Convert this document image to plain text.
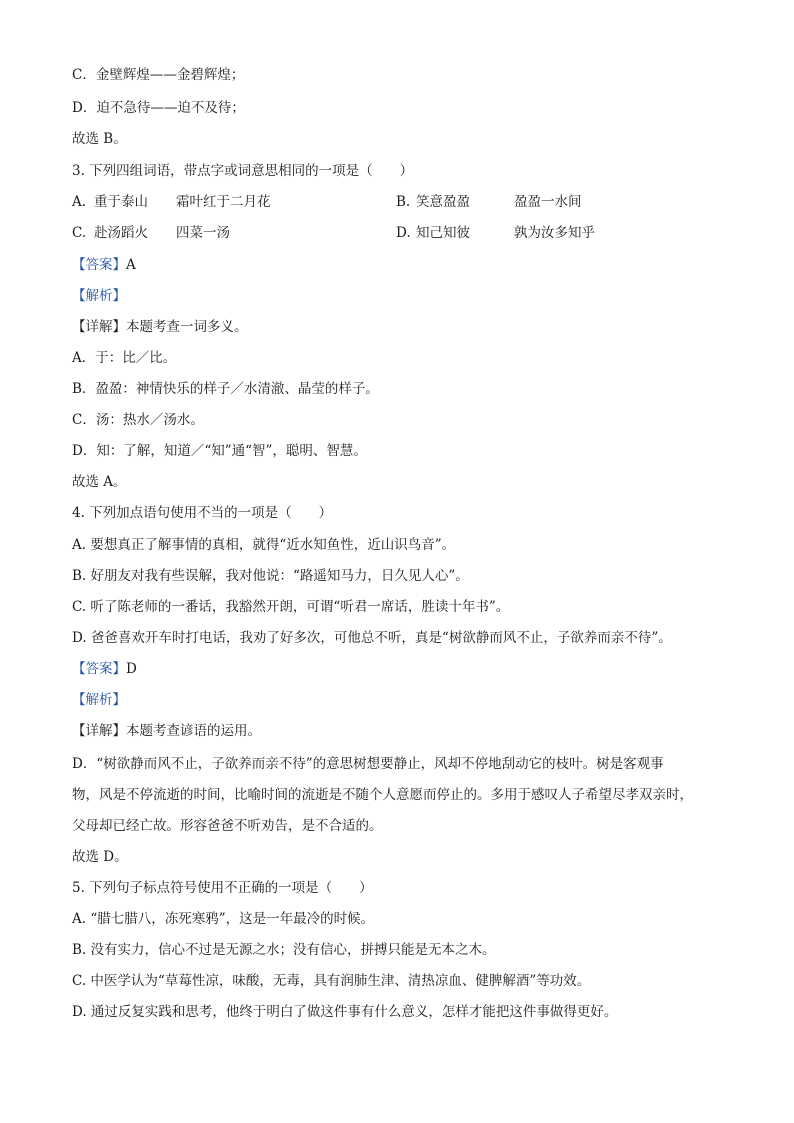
C．金壁辉煌——金碧辉煌；
D．迫不急待——迫不及待；
故选 B。
3. 下列四组词语，带点字或词意思相同的一项是（　　）
A. 重于泰山 霜叶红于二月花	B. 笑意盈盈	盈盈一水间
C. 赴汤蹈火 四菜一汤	D. 知己知彼	孰为汝多知乎
【答案】A
【解析】
【详解】本题考查一词多义。
A．于：比／比。
B．盈盈：神情快乐的样子／水清澈、晶莹的样子。
C．汤：热水／汤水。
D．知：了解，知道／“知”通“智”，聪明、智慧。
故选 A。
4. 下列加点语句使用不当的一项是（　　）
A. 要想真正了解事情的真相，就得“近水知鱼性，近山识鸟音”。
B. 好朋友对我有些误解，我对他说：“路遥知马力，日久见人心”。
C. 听了陈老师的一番话，我豁然开朗，可谓“听君一席话，胜读十年书”。
D. 爸爸喜欢开车时打电话，我劝了好多次，可他总不听，真是“树欲静而风不止，子欲养而亲不待”。
【答案】D
【解析】
【详解】本题考查谚语的运用。
D．“树欲静而风不止，子欲养而亲不待”的意思树想要静止，风却不停地刮动它的枝叶。树是客观事
物，风是不停流逝的时间，比喻时间的流逝是不随个人意愿而停止的。多用于感叹人子希望尽孝双亲时，
父母却已经亡故。形容爸爸不听劝告，是不合适的。
故选 D。
5. 下列句子标点符号使用不正确的一项是（　　）
A. “腊七腊八，冻死寒鸦”，这是一年最冷的时候。
B. 没有实力，信心不过是无源之水；没有信心，拼搏只能是无本之木。
C. 中医学认为“草莓性凉，味酸，无毒，具有润肺生津、清热凉血、健脾解酒”等功效。
D. 通过反复实践和思考，他终于明白了做这件事有什么意义，怎样才能把这件事做得更好。
